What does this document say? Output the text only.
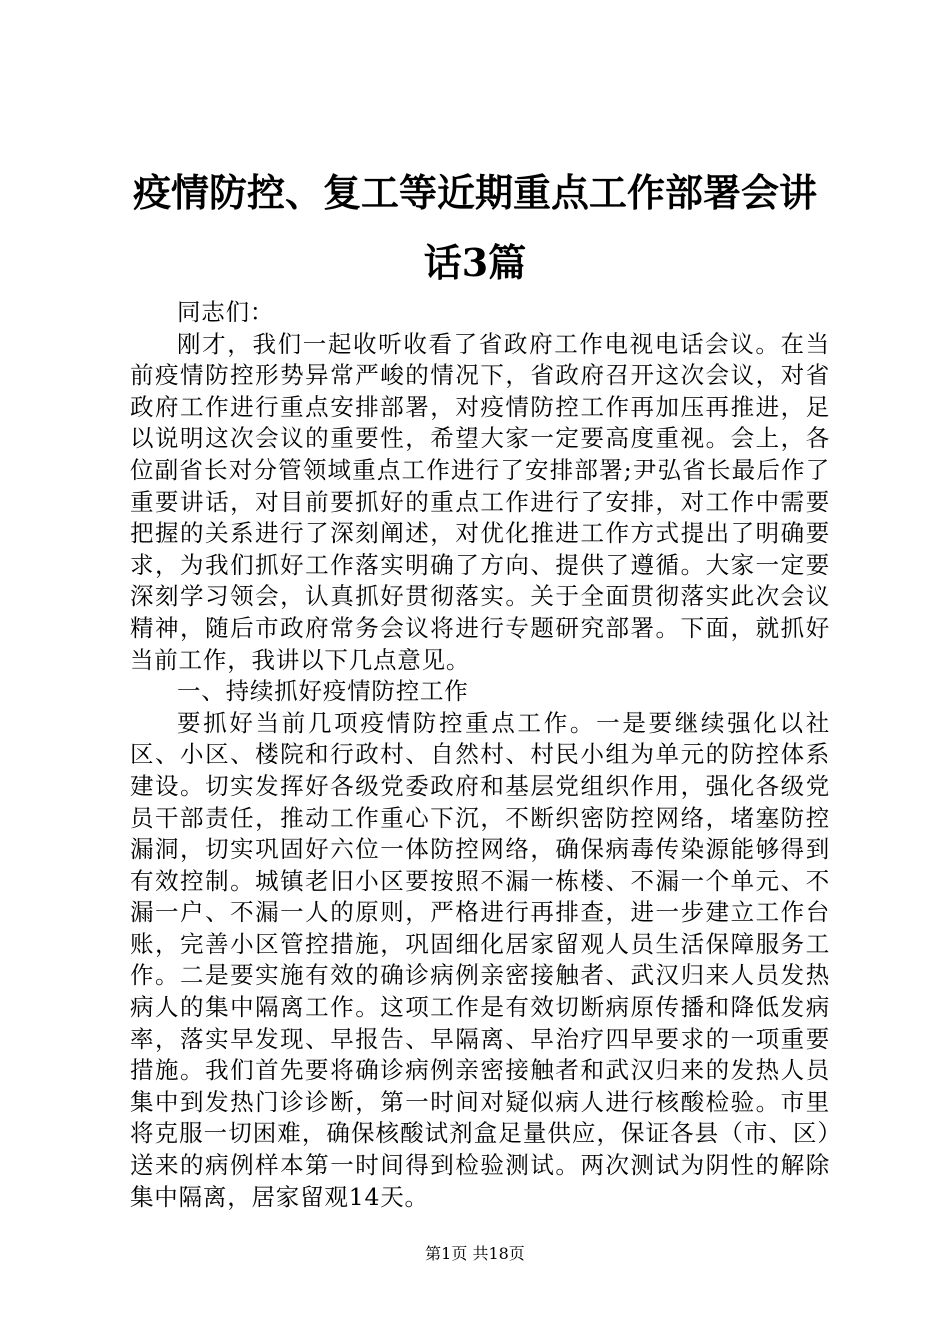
疫情防控、复工等近期重点工作部署会讲话3篇

同志们：

刚才，我们一起收听收看了省政府工作电视电话会议。在当前疫情防控形势异常严峻的情况下，省政府召开这次会议，对省政府工作进行重点安排部署，对疫情防控工作再加压再推进，足以说明这次会议的重要性，希望大家一定要高度重视。会上，各位副省长对分管领域重点工作进行了安排部署;尹弘省长最后作了重要讲话，对目前要抓好的重点工作进行了安排，对工作中需要把握的关系进行了深刻阐述，对优化推进工作方式提出了明确要求，为我们抓好工作落实明确了方向、提供了遵循。大家一定要深刻学习领会，认真抓好贯彻落实。关于全面贯彻落实此次会议精神，随后市政府常务会议将进行专题研究部署。下面，就抓好当前工作，我讲以下几点意见。

一、持续抓好疫情防控工作

要抓好当前几项疫情防控重点工作。一是要继续强化以社区、小区、楼院和行政村、自然村、村民小组为单元的防控体系建设。切实发挥好各级党委政府和基层党组织作用，强化各级党员干部责任，推动工作重心下沉，不断织密防控网络，堵塞防控漏洞，切实巩固好六位一体防控网络，确保病毒传染源能够得到有效控制。城镇老旧小区要按照不漏一栋楼、不漏一个单元、不漏一户、不漏一人的原则，严格进行再排查，进一步建立工作台账，完善小区管控措施，巩固细化居家留观人员生活保障服务工作。二是要实施有效的确诊病例亲密接触者、武汉归来人员发热病人的集中隔离工作。这项工作是有效切断病原传播和降低发病率，落实早发现、早报告、早隔离、早治疗四早要求的一项重要措施。我们首先要将确诊病例亲密接触者和武汉归来的发热人员集中到发热门诊诊断，第一时间对疑似病人进行核酸检验。市里将克服一切困难，确保核酸试剂盒足量供应，保证各县（市、区）送来的病例样本第一时间得到检验测试。两次测试为阴性的解除集中隔离，居家留观14天。

第1页 共18页
